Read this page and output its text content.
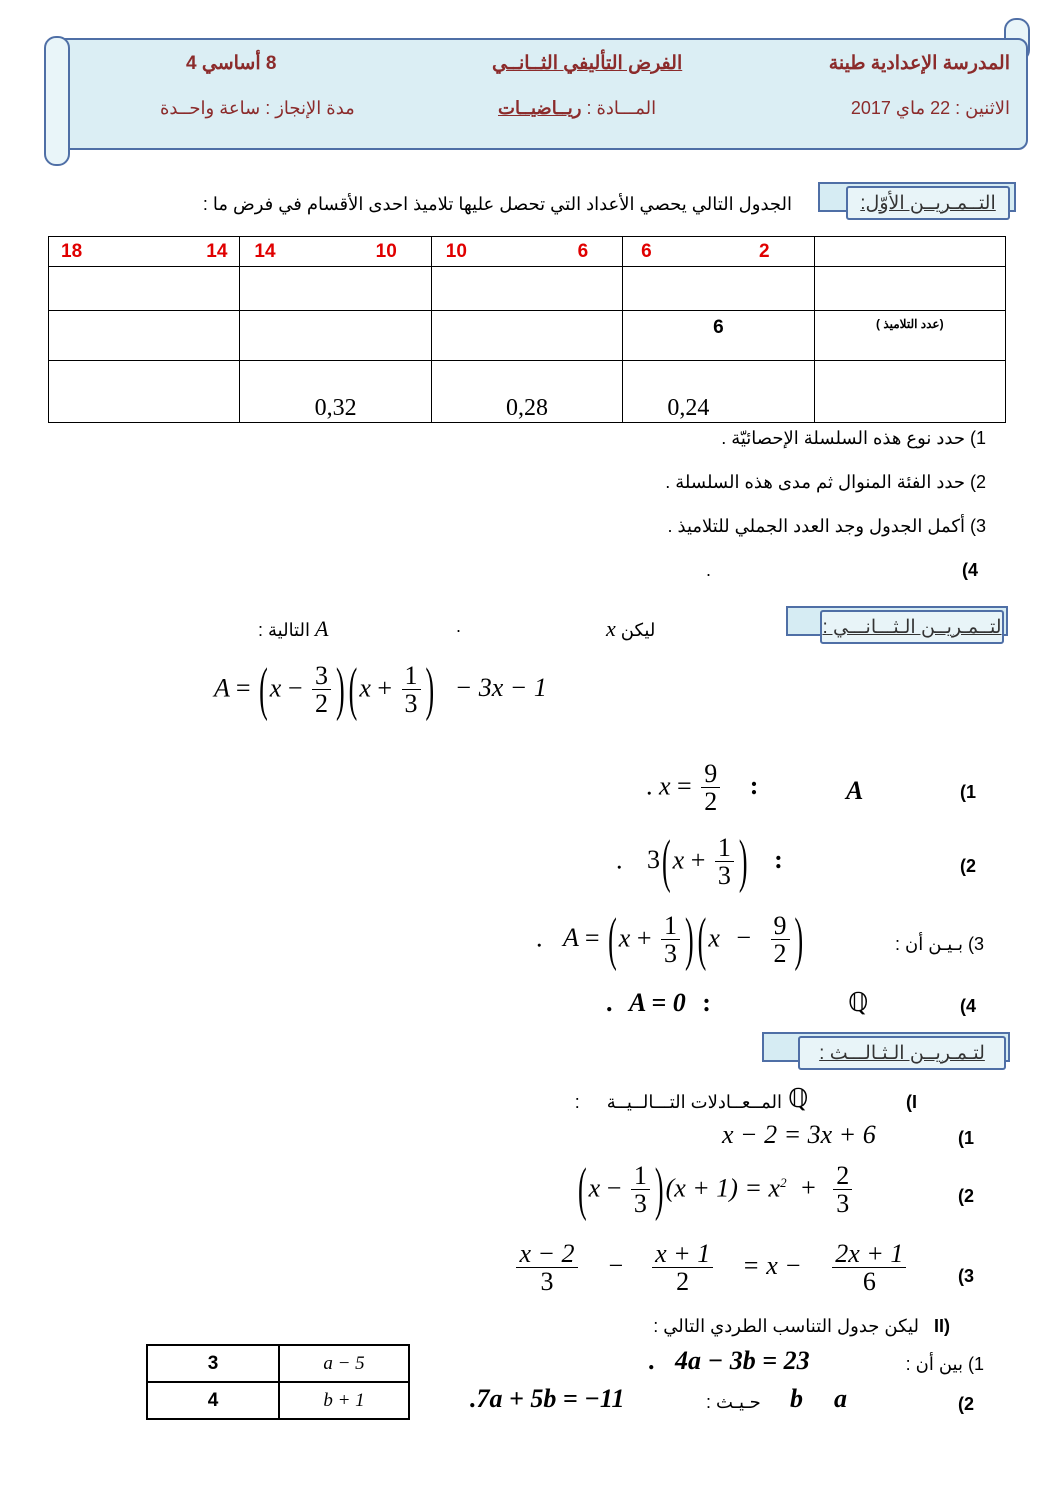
المدرسة الإعدادية طينة
الفرض التأليفي الثــانــي
8 أساسي 4
الاثنين : 22 ماي 2017
المـــادة : ريــاضيــات
مدة الإنجاز : ساعة واحــدة
التــمـريــن الأوّل:
الجدول التالي يحصي الأعداد التي تحصل عليها تلاميذ احدى الأقسام في فرض ما :
18 14	14 10	10 6	6 2	

			6	(عدد التلاميذ )
	0,32	0,28	0,24	
1) حدد نوع هذه السلسلة الإحصائيّة .
2) حدد الفئة المنوال ثم مدى هذه السلسلة .
3) أكمل الجدول وجد العدد الجملي للتلاميذ .
(4
.
لتــمـريــن الـثـــانـــي :
x ليكن
.
التالية : A
$A = (x - \frac{3}{2}$ ) ($x + \frac{1}{3}$ ) − 3x − 1
(1
A
. $x = \frac{9}{2}$ :
(2
. $3(x + \frac{1}{3}$ ) :
3) بـيـن أن :
. $A = (x + \frac{1}{3}$ ) ($x - \frac{9}{2}$ )
(4
ℚ
. A = 0 :
لتـمـريــن الـثـالـــث :
(I
ℚ
المــعــادلات التـــالــيــة :
(1
x − 2 = 3x + 6
(2
$(x - \frac{1}{3} )(x + 1) = x^2 + \frac{2}{3}$
(3
$\frac{x - 2}{3} - \frac{x + 1}{2} = x - \frac{2x + 1}{6}$
(II ليكن جدول التناسب الطردي التالي :
3	a − 5
4	b + 1
1) بين أن :
. 4a − 3b = 23
(2
a
b
حـيـث :
.7a + 5b = −11
